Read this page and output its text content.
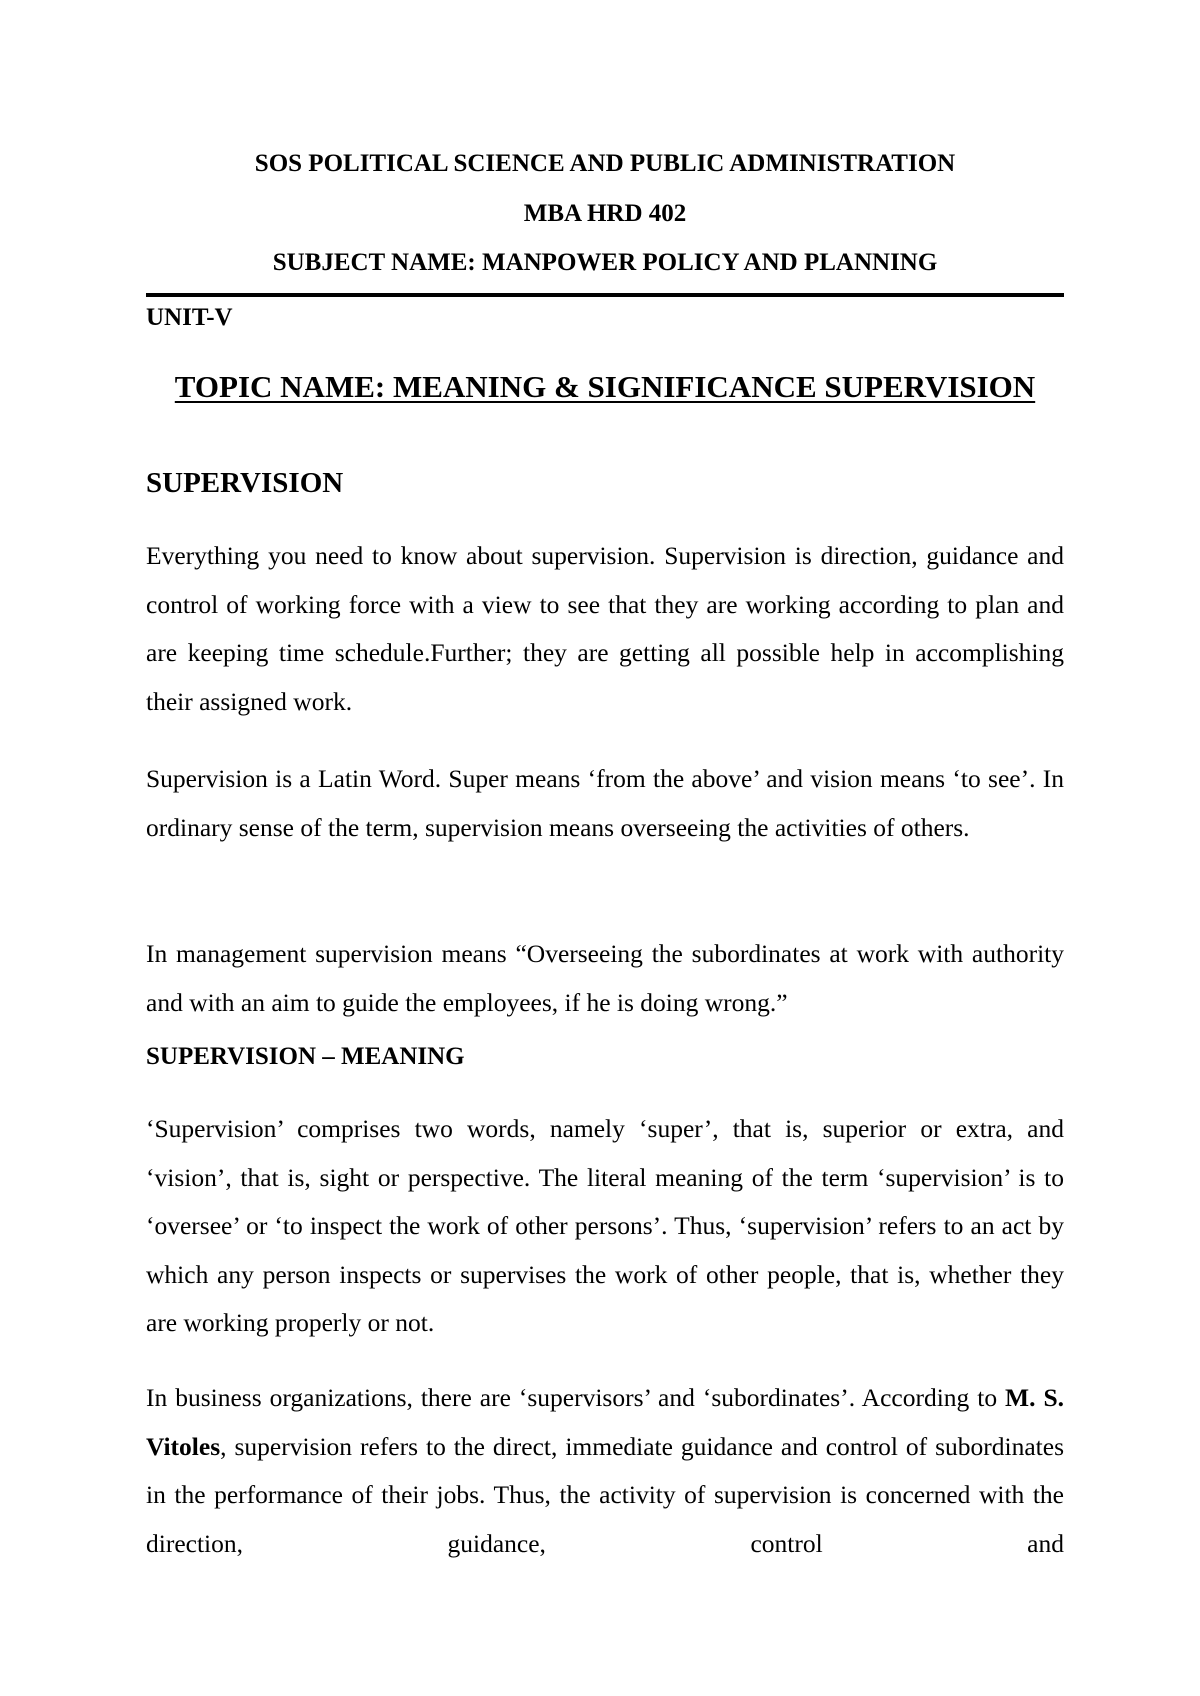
SOS POLITICAL SCIENCE AND PUBLIC ADMINISTRATION
MBA HRD 402
SUBJECT NAME: MANPOWER POLICY AND PLANNING
UNIT-V
TOPIC NAME: MEANING & SIGNIFICANCE SUPERVISION
SUPERVISION

Everything you need to know about supervision. Supervision is direction, guidance and control of working force with a view to see that they are working according to plan and are keeping time schedule.Further; they are getting all possible help in accomplishing their assigned work.

Supervision is a Latin Word. Super means ‘from the above’ and vision means ‘to see’. In ordinary sense of the term, supervision means overseeing the activities of others.

In management supervision means “Overseeing the subordinates at work with authority and with an aim to guide the employees, if he is doing wrong.”

SUPERVISION – MEANING

‘Supervision’ comprises two words, namely ‘super’, that is, superior or extra, and ‘vision’, that is, sight or perspective. The literal meaning of the term ‘supervision’ is to ‘oversee’ or ‘to inspect the work of other persons’. Thus, ‘supervision’ refers to an act by which any person inspects or supervises the work of other people, that is, whether they are working properly or not.

In business organizations, there are ‘supervisors’ and ‘subordinates’. According to M. S. Vitoles, supervision refers to the direct, immediate guidance and control of subordinates in the performance of their jobs. Thus, the activity of supervision is concerned with the direction, guidance, control and
